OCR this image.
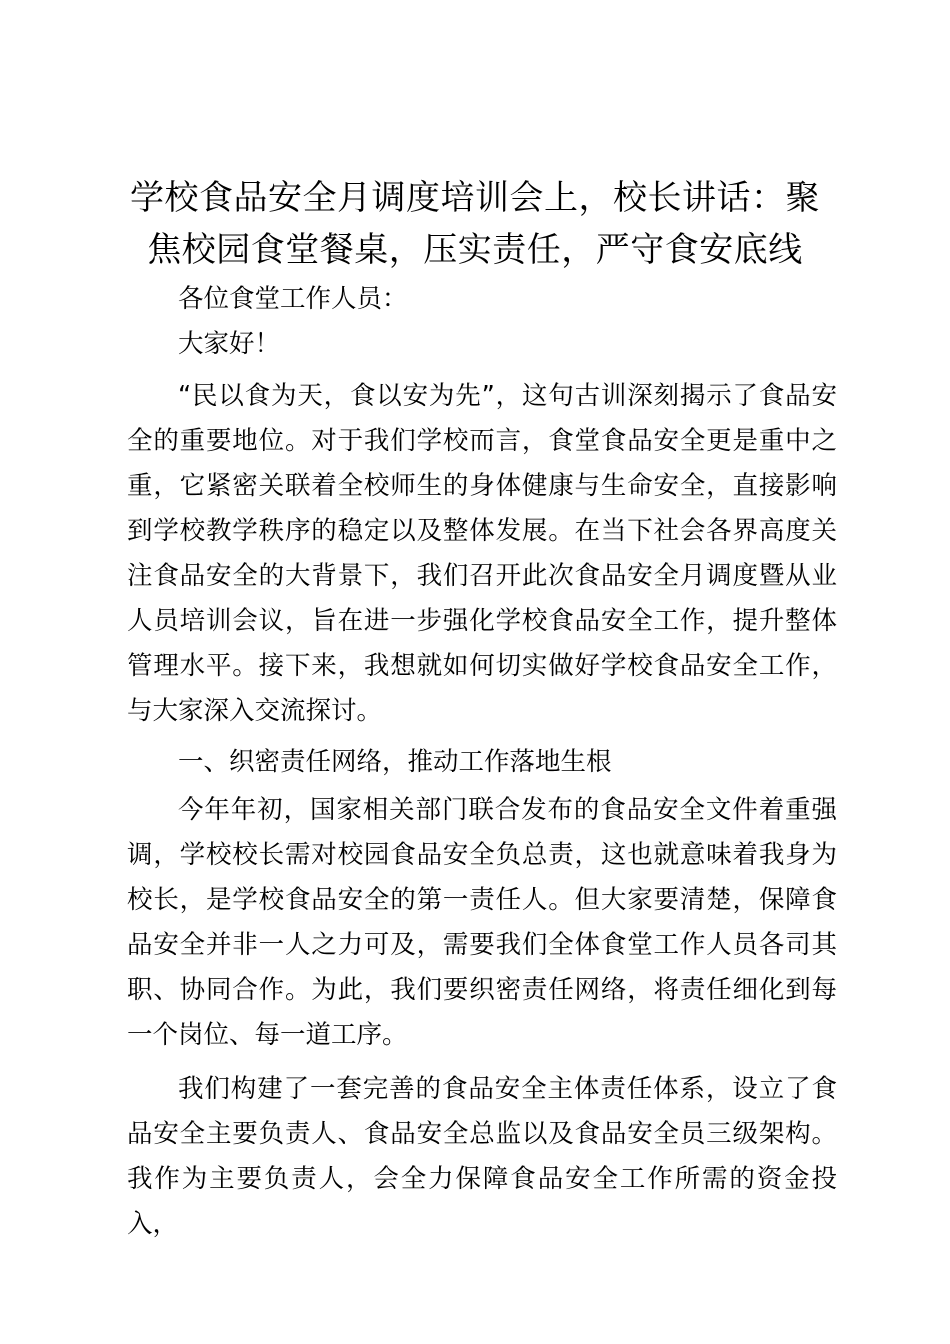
学校食品安全月调度培训会上，校长讲话：聚焦校园食堂餐桌，压实责任，严守食安底线

各位食堂工作人员：

大家好！

“民以食为天，食以安为先”，这句古训深刻揭示了食品安全的重要地位。对于我们学校而言，食堂食品安全更是重中之重，它紧密关联着全校师生的身体健康与生命安全，直接影响到学校教学秩序的稳定以及整体发展。在当下社会各界高度关注食品安全的大背景下，我们召开此次食品安全月调度暨从业人员培训会议，旨在进一步强化学校食品安全工作，提升整体管理水平。接下来，我想就如何切实做好学校食品安全工作，与大家深入交流探讨。

一、织密责任网络，推动工作落地生根

今年年初，国家相关部门联合发布的食品安全文件着重强调，学校校长需对校园食品安全负总责，这也就意味着我身为校长，是学校食品安全的第一责任人。但大家要清楚，保障食品安全并非一人之力可及，需要我们全体食堂工作人员各司其职、协同合作。为此，我们要织密责任网络，将责任细化到每一个岗位、每一道工序。

我们构建了一套完善的食品安全主体责任体系，设立了食品安全主要负责人、食品安全总监以及食品安全员三级架构。我作为主要负责人，会全力保障食品安全工作所需的资金投入，
